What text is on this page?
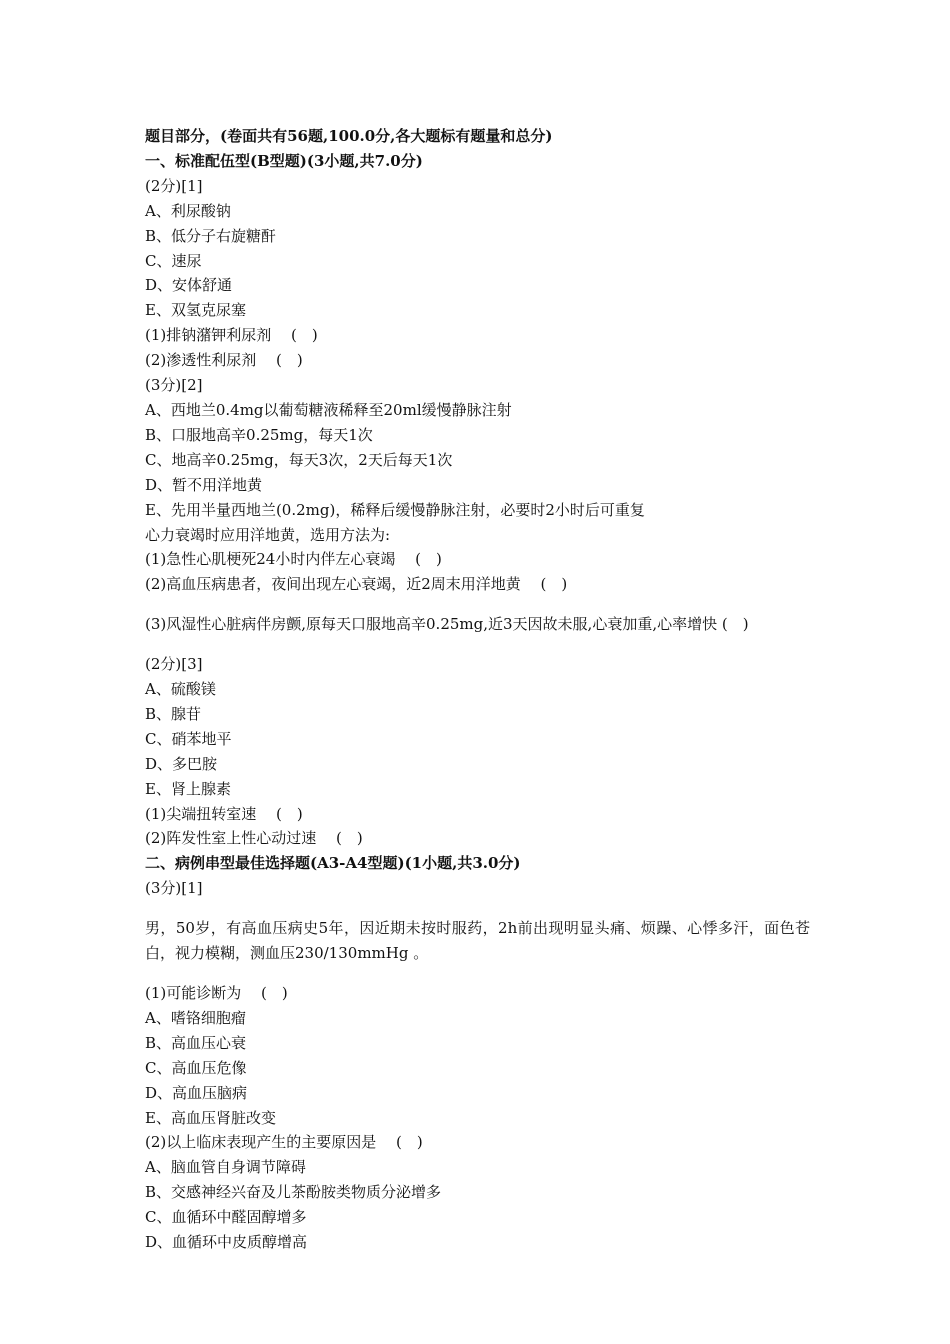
题目部分，(卷面共有56题,100.0分,各大题标有题量和总分)

一、标准配伍型(B型题)(3小题,共7.0分)

(2分)[1]

A、利尿酸钠

B、低分子右旋糖酐

C、速尿

D、安体舒通

E、双氢克尿塞

(1)排钠潴钾利尿剂　 (　)

(2)渗透性利尿剂　 (　)

(3分)[2]

A、西地兰0.4mg以葡萄糖液稀释至20ml缓慢静脉注射

B、口服地高辛0.25mg，每天1次

C、地高辛0.25mg，每天3次，2天后每天1次

D、暂不用洋地黄

E、先用半量西地兰(0.2mg)，稀释后缓慢静脉注射，必要时2小时后可重复

心力衰竭时应用洋地黄，选用方法为:

(1)急性心肌梗死24小时内伴左心衰竭　 (　)

(2)高血压病患者，夜间出现左心衰竭，近2周末用洋地黄　 (　)

(3)风湿性心脏病伴房颤,原每天口服地高辛0.25mg,近3天因故未服,心衰加重,心率增快 (　)

(2分)[3]

A、硫酸镁

B、腺苷

C、硝苯地平

D、多巴胺

E、肾上腺素

(1)尖端扭转室速　 (　)

(2)阵发性室上性心动过速　 (　)

二、病例串型最佳选择题(A3-A4型题)(1小题,共3.0分)

(3分)[1]

男，50岁，有高血压病史5年，因近期未按时服药，2h前出现明显头痛、烦躁、心悸多汗，面色苍白，视力模糊，测血压230/130mmHg 。

(1)可能诊断为　 (　)

A、嗜铬细胞瘤

B、高血压心衰

C、高血压危像

D、高血压脑病

E、高血压肾脏改变

(2)以上临床表现产生的主要原因是　 (　)

A、脑血管自身调节障碍

B、交感神经兴奋及儿茶酚胺类物质分泌增多

C、血循环中醛固醇增多

D、血循环中皮质醇增高
